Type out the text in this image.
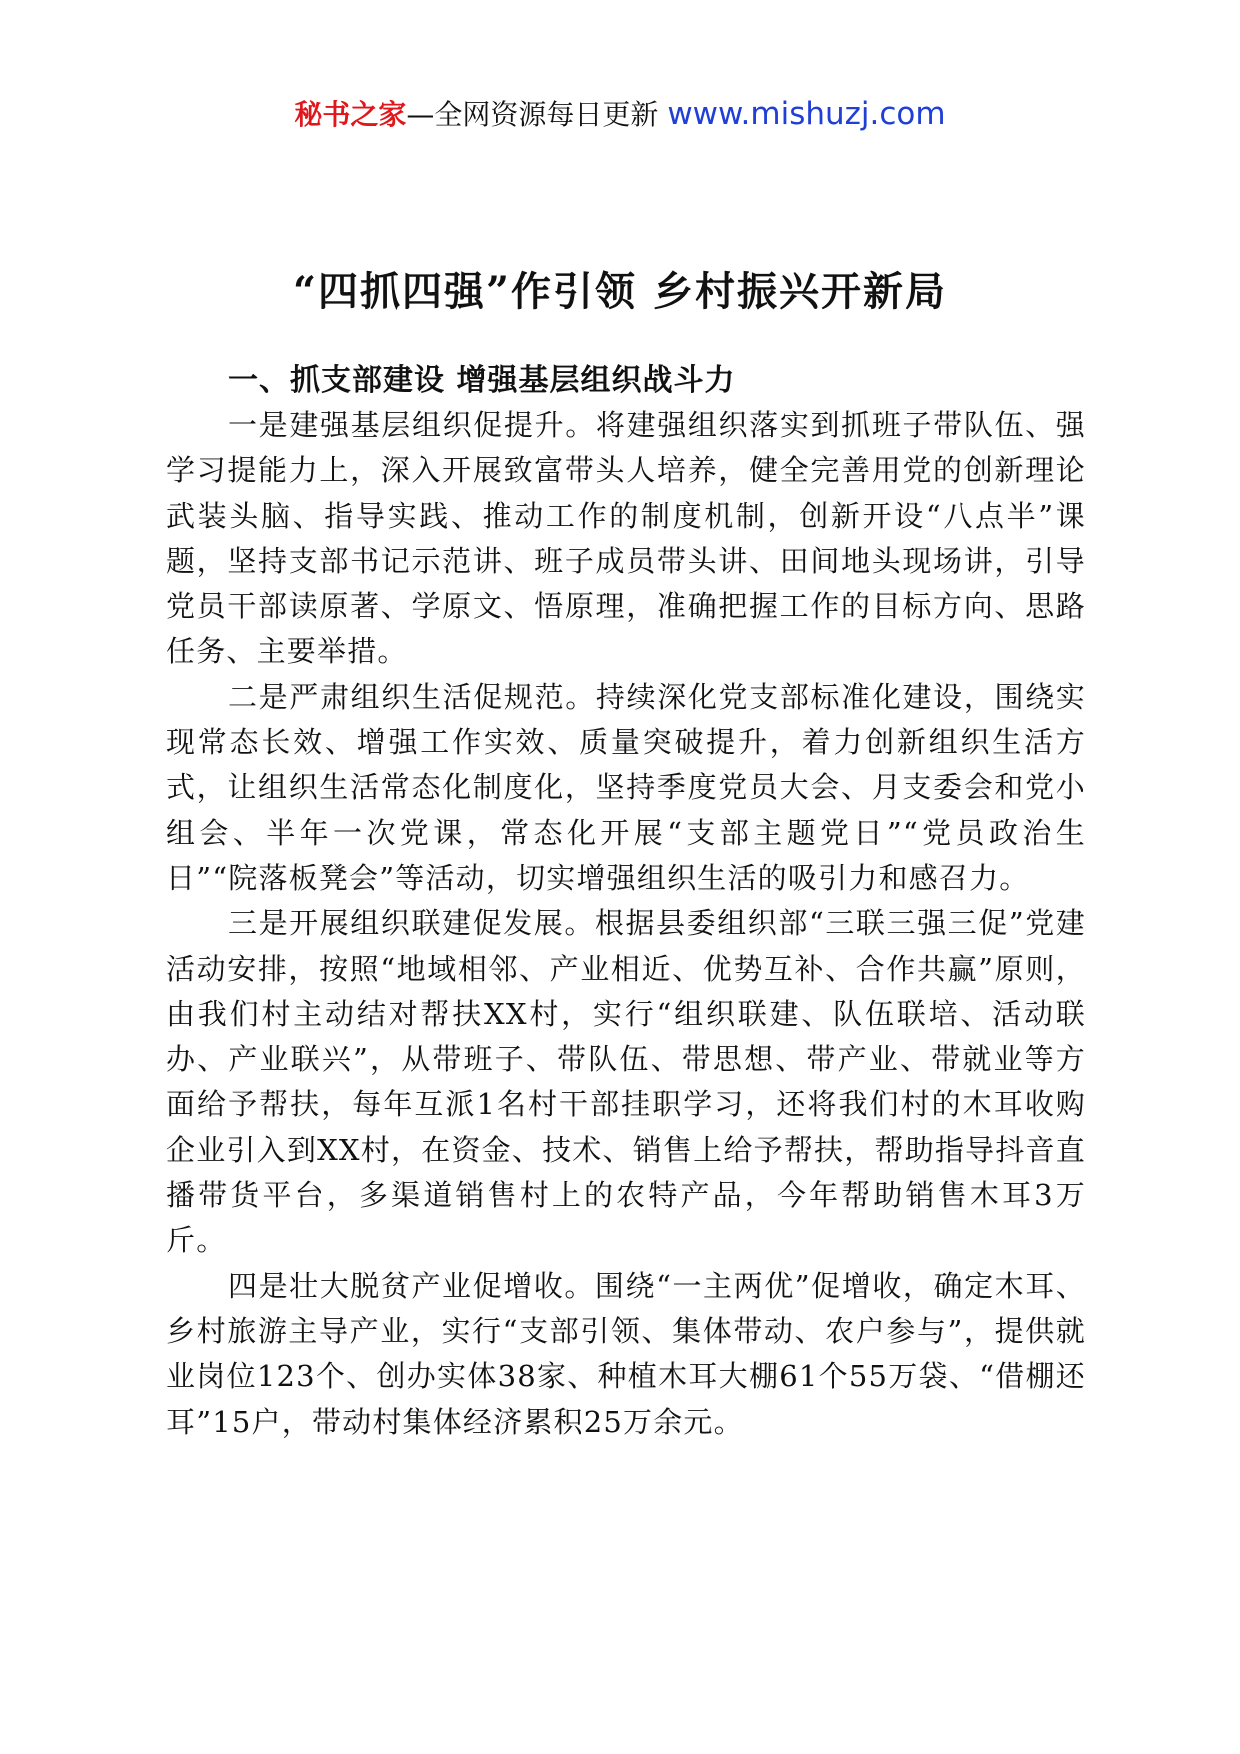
秘书之家—全网资源每日更新 www.mishuzj.com
“四抓四强”作引领 乡村振兴开新局
一、抓支部建设 增强基层组织战斗力

一是建强基层组织促提升。将建强组织落实到抓班子带队伍、强学习提能力上，深入开展致富带头人培养，健全完善用党的创新理论武装头脑、指导实践、推动工作的制度机制，创新开设“八点半”课题，坚持支部书记示范讲、班子成员带头讲、田间地头现场讲，引导党员干部读原著、学原文、悟原理，准确把握工作的目标方向、思路任务、主要举措。

二是严肃组织生活促规范。持续深化党支部标准化建设，围绕实现常态长效、增强工作实效、质量突破提升，着力创新组织生活方式，让组织生活常态化制度化，坚持季度党员大会、月支委会和党小组会、半年一次党课，常态化开展“支部主题党日”“党员政治生日”“院落板凳会”等活动，切实增强组织生活的吸引力和感召力。

三是开展组织联建促发展。根据县委组织部“三联三强三促”党建活动安排，按照“地域相邻、产业相近、优势互补、合作共赢”原则，由我们村主动结对帮扶XX村，实行“组织联建、队伍联培、活动联办、产业联兴”，从带班子、带队伍、带思想、带产业、带就业等方面给予帮扶，每年互派1名村干部挂职学习，还将我们村的木耳收购企业引入到XX村，在资金、技术、销售上给予帮扶，帮助指导抖音直播带货平台，多渠道销售村上的农特产品，今年帮助销售木耳3万斤。

四是壮大脱贫产业促增收。围绕“一主两优”促增收，确定木耳、乡村旅游主导产业，实行“支部引领、集体带动、农户参与”，提供就业岗位123个、创办实体38家、种植木耳大棚61个55万袋、“借棚还耳”15户，带动村集体经济累积25万余元。
